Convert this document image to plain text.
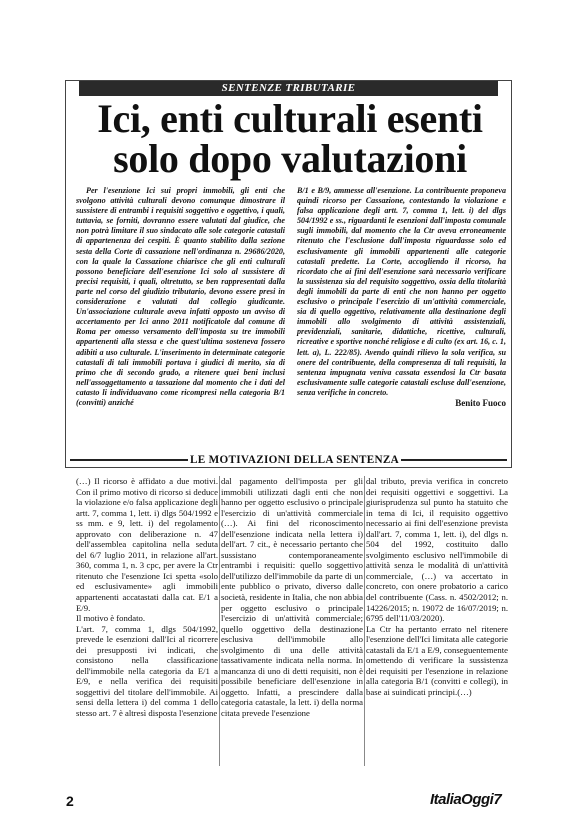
SENTENZE TRIBUTARIE
Ici, enti culturali esenti
solo dopo valutazioni

Per l'esenzione Ici sui propri immobili, gli enti che svolgono attività culturali devono comunque dimostrare il sussistere di entrambi i requisiti soggettivo e oggettivo, i quali, tuttavia, se forniti, dovranno essere valutati dal giudice, che non potrà limitare il suo sindacato alle sole categorie catastali di appartenenza dei cespiti. È quanto stabilito dalla sezione sesta della Corte di cassazione nell'ordinanza n. 29686/2020, con la quale la Cassazione chiarisce che gli enti culturali possono beneficiare dell'esenzione Ici solo al sussistere di precisi requisiti, i quali, oltretutto, se ben rappresentati dalla parte nel corso del giudizio tributario, devono essere presi in considerazione e valutati dal collegio giudicante. Un'associazione culturale aveva infatti opposto un avviso di accertamento per Ici anno 2011 notificatole dal comune di Roma per omesso versamento dell'imposta su tre immobili appartenenti alla stessa e che quest'ultima sosteneva fossero adibiti a uso culturale. L'inserimento in determinate categorie catastali di tali immobili portava i giudici di merito, sia di primo che di secondo grado, a ritenere quei beni inclusi nell'assoggettamento a tassazione dal momento che i dati del catasto li individuavano come ricompresi nella categoria B/1 (convitti) anziché

B/1 e B/9, ammesse all'esenzione. La contribuente proponeva quindi ricorso per Cassazione, contestando la violazione e falsa applicazione degli artt. 7, comma 1, lett. i) del dlgs 504/1992 e ss., riguardanti le esenzioni dall'imposta comunale sugli immobili, dal momento che la Ctr aveva erroneamente ritenuto che l'esclusione dall'imposta riguardasse solo ed esclusivamente gli immobili appartenenti alle categorie catastali predette. La Corte, accogliendo il ricorso, ha ricordato che ai fini dell'esenzione sarà necessario verificare la sussistenza sia del requisito soggettivo, ossia della titolarità degli immobili da parte di enti che non hanno per oggetto esclusivo o principale l'esercizio di un'attività commerciale, sia di quello oggettivo, relativamente alla destinazione degli immobili allo svolgimento di attività assistenziali, previdenziali, sanitarie, didattiche, ricettive, culturali, ricreative e sportive nonché religiose e di culto (ex art. 16, c. 1, lett. a), L. 222/85). Avendo quindi rilievo la sola verifica, su onere del contribuente, della compresenza di tali requisiti, la sentenza impugnata veniva cassata essendosi la Ctr basata esclusivamente sulle categorie catastali escluse dall'esenzione, senza verifiche in concreto.
Benito Fuoco

LE MOTIVAZIONI DELLA SENTENZA

(…) Il ricorso è affidato a due motivi. Con il primo motivo di ricorso si deduce la violazione e/o falsa applicazione degli artt. 7, comma 1, lett. i) dlgs 504/1992 e ss mm. e 9, lett. i) del regolamento approvato con deliberazione n. 47 dell'assemblea capitolina nella seduta del 6/7 luglio 2011, in relazione all'art. 360, comma 1, n. 3 cpc, per avere la Ctr ritenuto che l'esenzione Ici spetta «solo ed esclusivamente» agli immobili appartenenti accatastati dalla cat. E/1 a E/9.

Il motivo è fondato.

L'art. 7, comma 1, dlgs 504/1992, prevede le esenzioni dall'Ici al ricorrere dei presupposti ivi indicati, che consistono nella classificazione dell'immobile nella categoria da E/1 a E/9, e nella verifica dei requisiti soggettivi del titolare dell'immobile. Ai sensi della lettera i) del comma 1 dello stesso art. 7 è altresì disposta l'esenzione

dal pagamento dell'imposta per gli immobili utilizzati dagli enti che non hanno per oggetto esclusivo o principale l'esercizio di un'attività commerciale (…). Ai fini del riconoscimento dell'esenzione indicata nella lettera i) dell'art. 7 cit., è necessario pertanto che sussistano contemporaneamente entrambi i requisiti: quello soggettivo dell'utilizzo dell'immobile da parte di un ente pubblico o privato, diverso dalle società, residente in Italia, che non abbia per oggetto esclusivo o principale l'esercizio di un'attività commerciale; quello oggettivo della destinazione esclusiva dell'immobile allo svolgimento di una delle attività tassativamente indicata nella norma. In mancanza di uno di detti requisiti, non è possibile beneficiare dell'esenzione in oggetto. Infatti, a prescindere dalla categoria catastale, la lett. i) della norma citata prevede l'esenzione

dal tributo, previa verifica in concreto dei requisiti oggettivi e soggettivi. La giurisprudenza sul punto ha statuito che in tema di Ici, il requisito oggettivo necessario ai fini dell'esenzione prevista dall'art. 7, comma 1, lett. i), del dlgs n. 504 del 1992, costituito dallo svolgimento esclusivo nell'immobile di attività senza le modalità di un'attività commerciale, (…) va accertato in concreto, con onere probatorio a carico del contribuente (Cass. n. 4502/2012; n. 14226/2015; n. 19072 de 16/07/2019; n. 6795 dell'11/03/2020).

La Ctr ha pertanto errato nel ritenere l'esenzione dell'Ici limitata alle categorie catastali da E/1 a E/9, conseguentemente omettendo di verificare la sussistenza dei requisiti per l'esenzione in relazione alla categoria B/1 (convitti e collegi), in base ai suindicati principi.(…)

2	ItaliaOggi7
